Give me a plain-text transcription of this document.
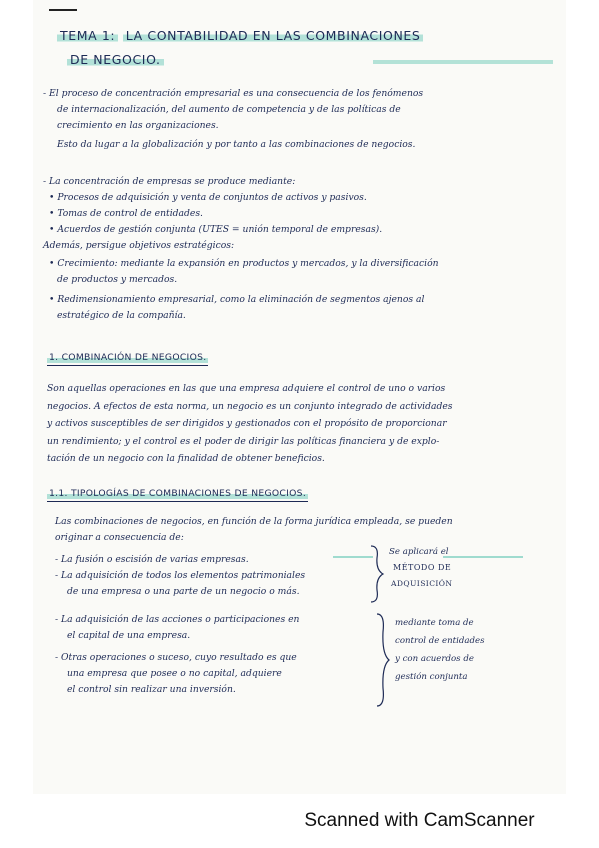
TEMA 1: LA CONTABILIDAD EN LAS COMBINACIONES
DE NEGOCIO.
- El proceso de concentración empresarial es una consecuencia de los fenómenos
de internacionalización, del aumento de competencia y de las políticas de
crecimiento en las organizaciones.
Esto da lugar a la globalización y por tanto a las combinaciones de negocios.
- La concentración de empresas se produce mediante:
• Procesos de adquisición y venta de conjuntos de activos y pasivos.
• Tomas de control de entidades.
• Acuerdos de gestión conjunta (UTES = unión temporal de empresas).
Además, persigue objetivos estratégicos:
• Crecimiento: mediante la expansión en productos y mercados, y la diversificación
de productos y mercados.
• Redimensionamiento empresarial, como la eliminación de segmentos ajenos al
estratégico de la compañía.
1. COMBINACIÓN DE NEGOCIOS.
Son aquellas operaciones en las que una empresa adquiere el control de uno o varios
negocios. A efectos de esta norma, un negocio es un conjunto integrado de actividades
y activos susceptibles de ser dirigidos y gestionados con el propósito de proporcionar
un rendimiento; y el control es el poder de dirigir las políticas financiera y de explo-
tación de un negocio con la finalidad de obtener beneficios.
1.1. TIPOLOGÍAS DE COMBINACIONES DE NEGOCIOS.
Las combinaciones de negocios, en función de la forma jurídica empleada, se pueden
originar a consecuencia de:
- La fusión o escisión de varias empresas.
- La adquisición de todos los elementos patrimoniales
de una empresa o una parte de un negocio o más.
Se aplicará el
MÉTODO DE
ADQUISICIÓN
- La adquisición de las acciones o participaciones en
el capital de una empresa.
- Otras operaciones o suceso, cuyo resultado es que
una empresa que posee o no capital, adquiere
el control sin realizar una inversión.
mediante toma de
control de entidades
y con acuerdos de
gestión conjunta
Scanned with CamScanner
